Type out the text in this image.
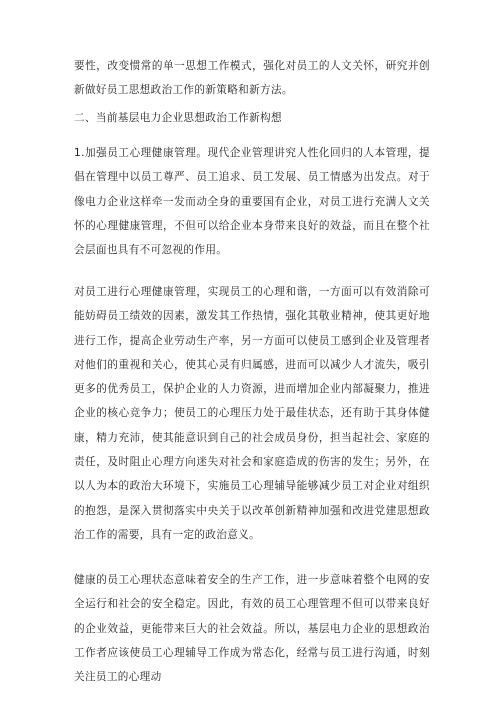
要性，改变惯常的单一思想工作模式，强化对员工的人文关怀，研究并创新做好员工思想政治工作的新策略和新方法。

二、当前基层电力企业思想政治工作新构想

1.加强员工心理健康管理。现代企业管理讲究人性化回归的人本管理，提倡在管理中以员工尊严、员工追求、员工发展、员工情感为出发点。对于像电力企业这样牵一发而动全身的重要国有企业，对员工进行充满人文关怀的心理健康管理，不但可以给企业本身带来良好的效益，而且在整个社会层面也具有不可忽视的作用。

对员工进行心理健康管理，实现员工的心理和谐，一方面可以有效消除可能妨碍员工绩效的因素，激发其工作热情，强化其敬业精神，使其更好地进行工作，提高企业劳动生产率，另一方面可以使员工感到企业及管理者对他们的重视和关心，使其心灵有归属感，进而可以减少人才流失，吸引更多的优秀员工，保护企业的人力资源，进而增加企业内部凝聚力，推进企业的核心竞争力；使员工的心理压力处于最佳状态，还有助于其身体健康，精力充沛，使其能意识到自己的社会成员身份，担当起社会、家庭的责任，及时阻止心理方向迷失对社会和家庭造成的伤害的发生；另外，在以人为本的政治大环境下，实施员工心理辅导能够减少员工对企业对组织的抱怨，是深入贯彻落实中央关于以改革创新精神加强和改进党建思想政治工作的需要，具有一定的政治意义。

健康的员工心理状态意味着安全的生产工作，进一步意味着整个电网的安全运行和社会的安全稳定。因此，有效的员工心理管理不但可以带来良好的企业效益，更能带来巨大的社会效益。所以，基层电力企业的思想政治工作者应该使员工心理辅导工作成为常态化，经常与员工进行沟通，时刻关注员工的心理动
